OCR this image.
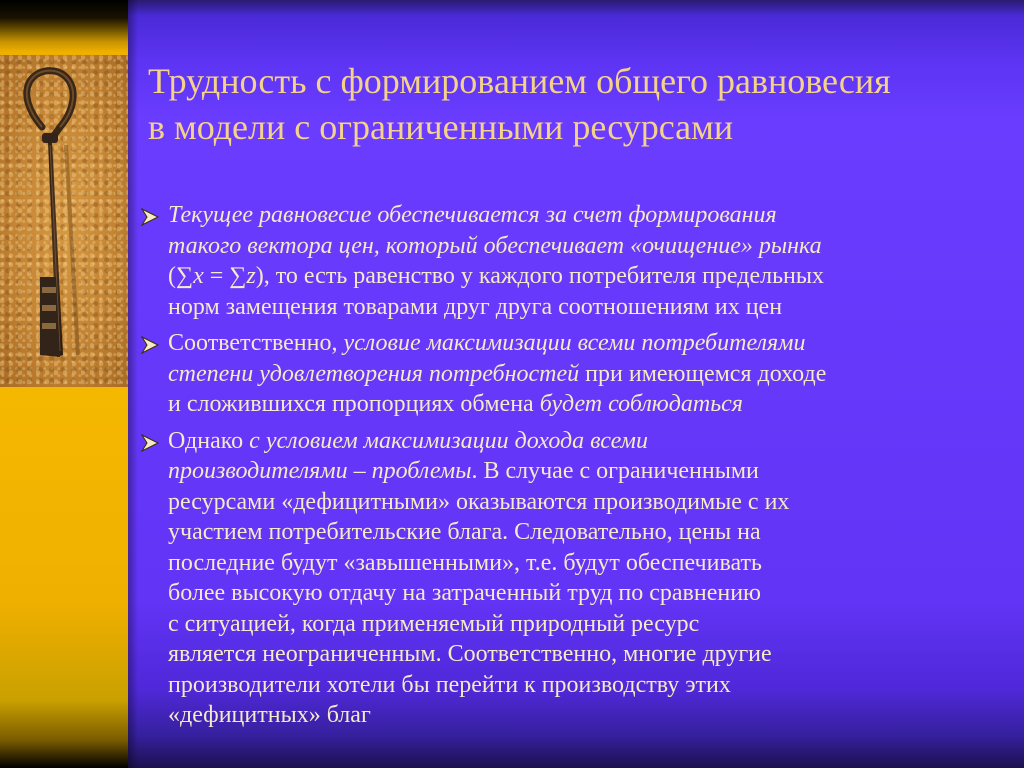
Трудность с формированием общего равновесия
в модели с ограниченными ресурсами
Текущее равновесие обеспечивается за счет формирования
такого вектора цен, который обеспечивает «очищение» рынка
(∑x = ∑z), то есть равенство у каждого потребителя предельных
норм замещения товарами друг друга соотношениям их цен
Соответственно, условие максимизации всеми потребителями
степени удовлетворения потребностей при имеющемся доходе
и сложившихся пропорциях обмена будет соблюдаться
Однако с условием максимизации дохода всеми
производителями – проблемы. В случае с ограниченными
ресурсами «дефицитными» оказываются производимые с их
участием потребительские блага. Следовательно, цены на
последние будут «завышенными», т.е. будут обеспечивать
более высокую отдачу на затраченный труд по сравнению
с ситуацией, когда применяемый природный ресурс
является неограниченным. Соответственно, многие другие
производители хотели бы перейти к производству этих
«дефицитных» благ
